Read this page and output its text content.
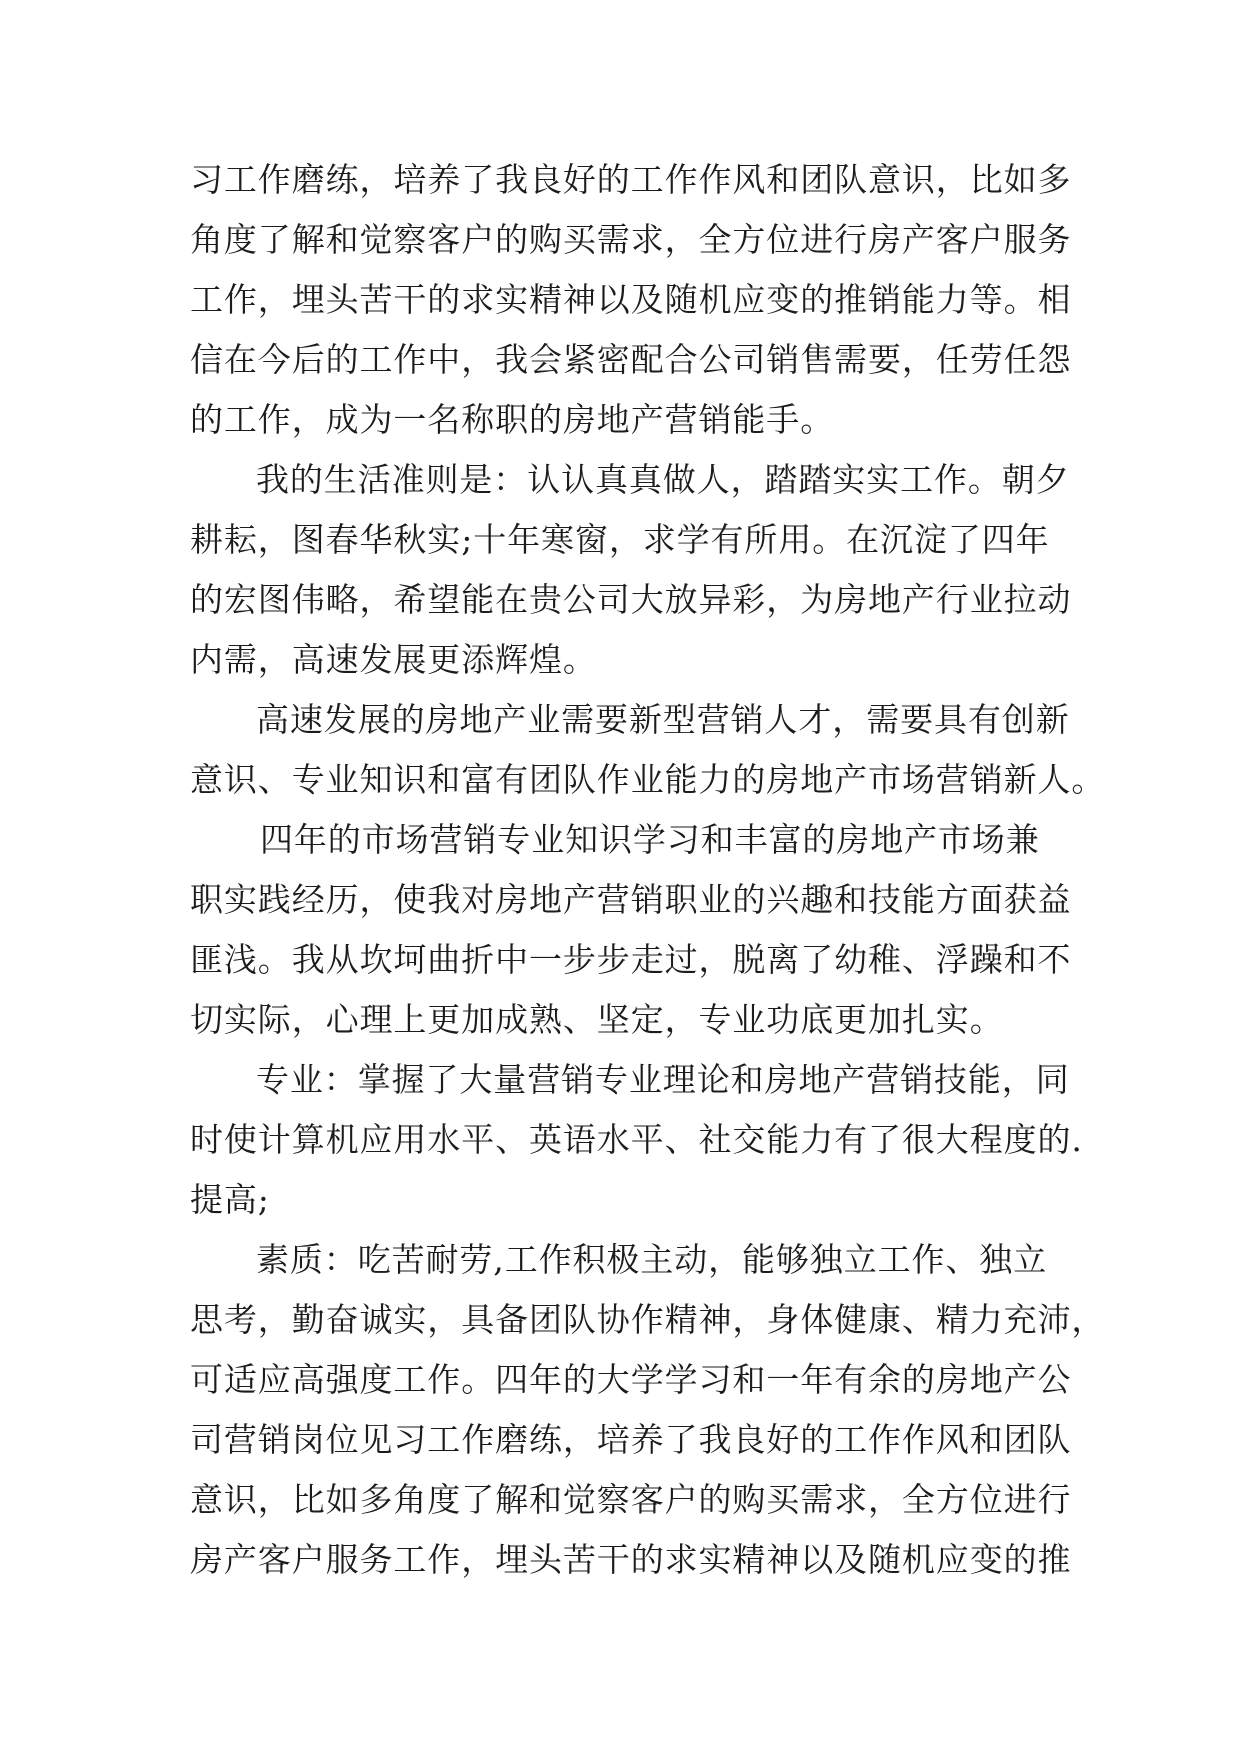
习工作磨练，培养了我良好的工作作风和团队意识，比如多
角度了解和觉察客户的购买需求，全方位进行房产客户服务
工作，埋头苦干的求实精神以及随机应变的推销能力等。相
信在今后的工作中，我会紧密配合公司销售需要，任劳任怨
的工作，成为一名称职的房地产营销能手。
我的生活准则是：认认真真做人，踏踏实实工作。朝夕
耕耘，图春华秋实;十年寒窗，求学有所用。在沉淀了四年
的宏图伟略，希望能在贵公司大放异彩，为房地产行业拉动
内需，高速发展更添辉煌。
高速发展的房地产业需要新型营销人才，需要具有创新
意识、专业知识和富有团队作业能力的房地产市场营销新人。
四年的市场营销专业知识学习和丰富的房地产市场兼
职实践经历，使我对房地产营销职业的兴趣和技能方面获益
匪浅。我从坎坷曲折中一步步走过，脱离了幼稚、浮躁和不
切实际，心理上更加成熟、坚定，专业功底更加扎实。
专业：掌握了大量营销专业理论和房地产营销技能，同
时使计算机应用水平、英语水平、社交能力有了很大程度的.
提高;
素质：吃苦耐劳,工作积极主动，能够独立工作、独立
思考，勤奋诚实，具备团队协作精神，身体健康、精力充沛，
可适应高强度工作。四年的大学学习和一年有余的房地产公
司营销岗位见习工作磨练，培养了我良好的工作作风和团队
意识，比如多角度了解和觉察客户的购买需求，全方位进行
房产客户服务工作，埋头苦干的求实精神以及随机应变的推
